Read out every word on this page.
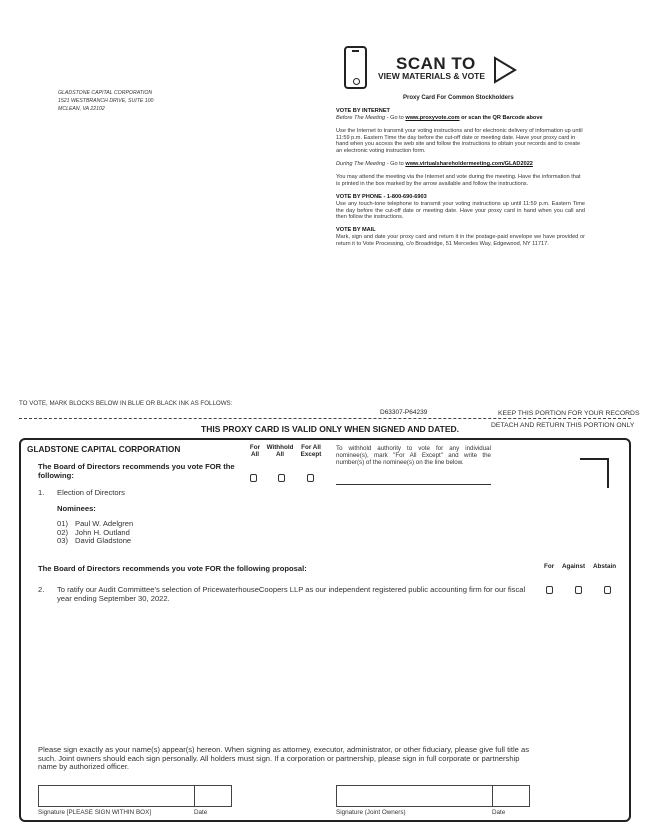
GLADSTONE CAPITAL CORPORATION
1521 WESTBRANCH DRIVE, SUITE 100
MCLEAN, VA 22102
SCAN TO
VIEW MATERIALS & VOTE
Proxy Card For Common Stockholders
VOTE BY INTERNET
Before The Meeting - Go to www.proxyvote.com or scan the QR Barcode above
Use the Internet to transmit your voting instructions and for electronic delivery of information up until 11:59 p.m. Eastern Time the day before the cut-off date or meeting date. Have your proxy card in hand when you access the web site and follow the instructions to obtain your records and to create an electronic voting instruction form.
During The Meeting - Go to www.virtualshareholdermeeting.com/GLAD2022
You may attend the meeting via the Internet and vote during the meeting. Have the information that is printed in the box marked by the arrow available and follow the instructions.
VOTE BY PHONE - 1-800-690-6903
Use any touch-tone telephone to transmit your voting instructions up until 11:59 p.m. Eastern Time the day before the cut-off date or meeting date. Have your proxy card in hand when you call and then follow the instructions.
VOTE BY MAIL
Mark, sign and date your proxy card and return it in the postage-paid envelope we have provided or return it to Vote Processing, c/o Broadridge, 51 Mercedes Way, Edgewood, NY 11717.
TO VOTE, MARK BLOCKS BELOW IN BLUE OR BLACK INK AS FOLLOWS:
D63307-P64239	KEEP THIS PORTION FOR YOUR RECORDS
DETACH AND RETURN THIS PORTION ONLY
THIS PROXY CARD IS VALID ONLY WHEN SIGNED AND DATED.
GLADSTONE CAPITAL CORPORATION
The Board of Directors recommends you vote FOR the following:
For
All
Withhold
All
For All
Except
To withhold authority to vote for any individual nominee(s), mark "For All Except" and write the number(s) of the nominee(s) on the line below.
1. Election of Directors
Nominees:
01) Paul W. Adelgren
02) John H. Outland
03) David Gladstone
The Board of Directors recommends you vote FOR the following proposal:	For Against Abstain
2. To ratify our Audit Committee's selection of PricewaterhouseCoopers LLP as our independent registered public accounting firm for our fiscal year ending September 30, 2022.
Please sign exactly as your name(s) appear(s) hereon. When signing as attorney, executor, administrator, or other fiduciary, please give full title as such. Joint owners should each sign personally. All holders must sign. If a corporation or partnership, please sign in full corporate or partnership name by authorized officer.
Signature [PLEASE SIGN WITHIN BOX]	Date	Signature (Joint Owners)	Date
